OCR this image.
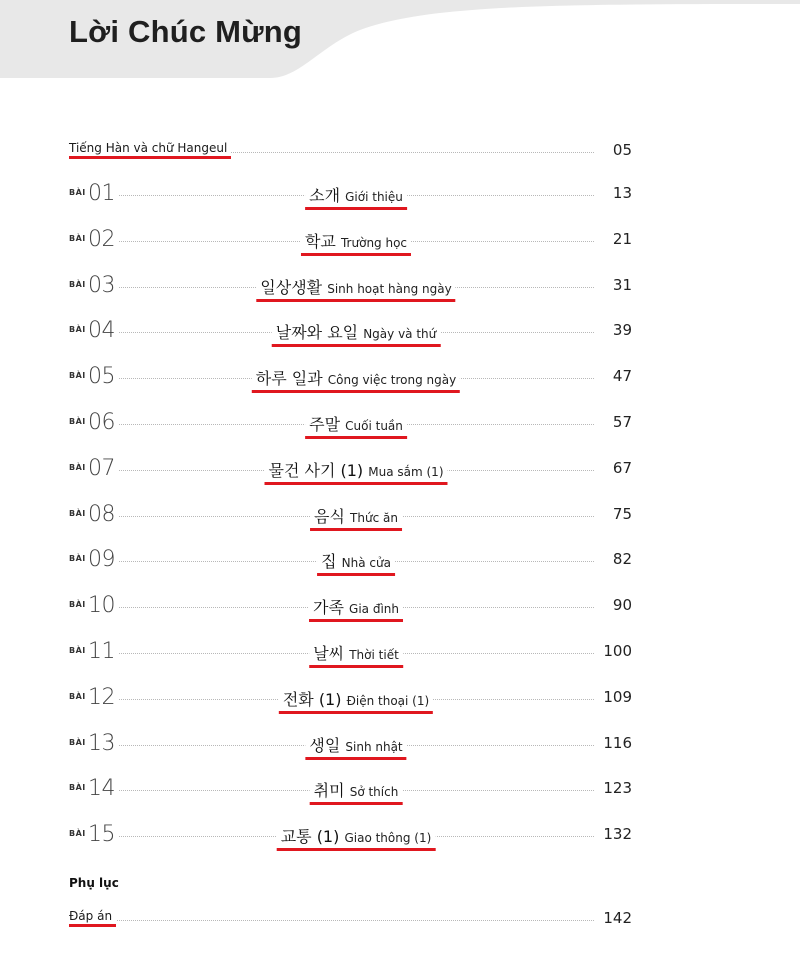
Lời Chúc Mừng
Tiếng Hàn và chữ Hangeul	05
BÀI 01	소개 Giới thiệu	13
BÀI 02	학교 Trường học	21
BÀI 03	일상생활 Sinh hoạt hàng ngày	31
BÀI 04	날짜와 요일 Ngày và thứ	39
BÀI 05	하루 일과 Công việc trong ngày	47
BÀI 06	주말 Cuối tuần	57
BÀI 07	물건 사기 (1) Mua sắm (1)	67
BÀI 08	음식 Thức ăn	75
BÀI 09	집 Nhà cửa	82
BÀI 10	가족 Gia đình	90
BÀI 11	날씨 Thời tiết	100
BÀI 12	전화 (1) Điện thoại (1)	109
BÀI 13	생일 Sinh nhật	116
BÀI 14	취미 Sở thích	123
BÀI 15	교통 (1) Giao thông (1)	132
Phụ lục
Đáp án	142
